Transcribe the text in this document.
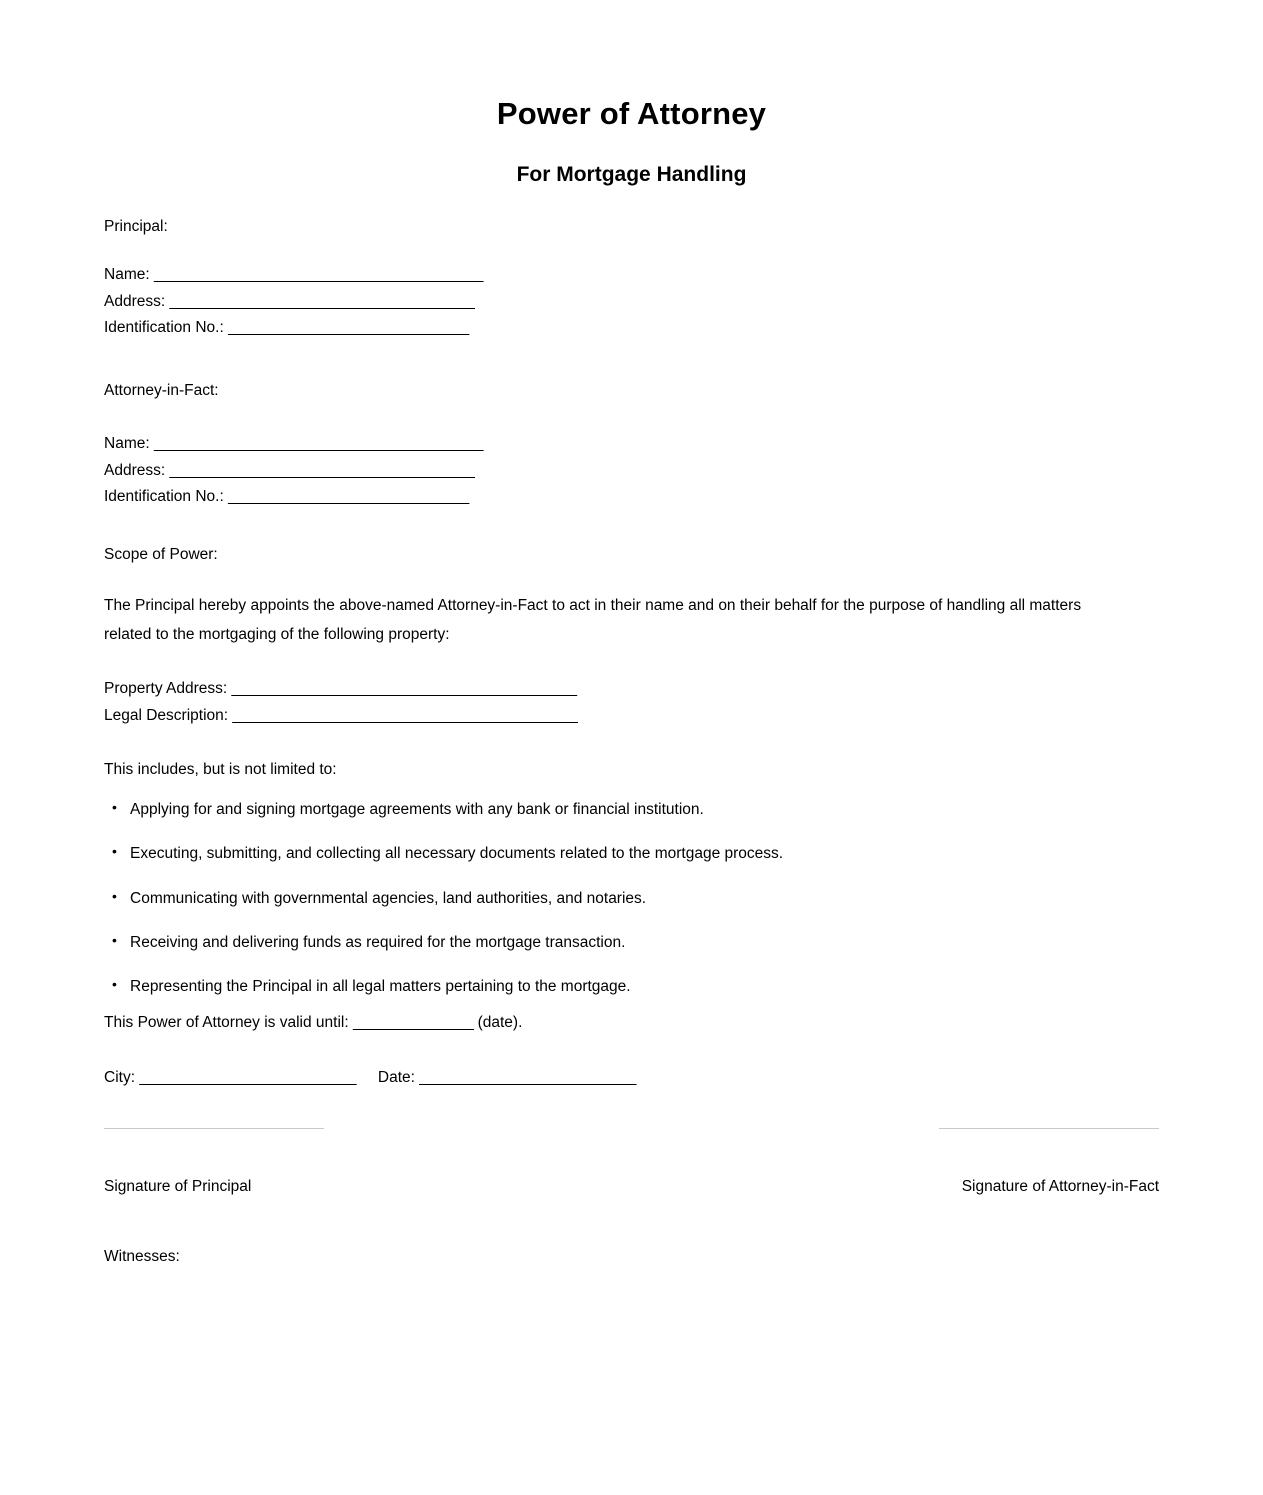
Power of Attorney
For Mortgage Handling
Principal:
Name: _________________________________________
Address: ______________________________________
Identification No.: ______________________________
Attorney-in-Fact:
Name: _________________________________________
Address: ______________________________________
Identification No.: ______________________________
Scope of Power:

The Principal hereby appoints the above-named Attorney-in-Fact to act in their name and on their behalf for the purpose of handling all matters related to the mortgaging of the following property:

Property Address: ___________________________________________
Legal Description: ___________________________________________
This includes, but is not limited to:
• Applying for and signing mortgage agreements with any bank or financial institution.
• Executing, submitting, and collecting all necessary documents related to the mortgage process.
• Communicating with governmental agencies, land authorities, and notaries.
• Receiving and delivering funds as required for the mortgage transaction.
• Representing the Principal in all legal matters pertaining to the mortgage.
This Power of Attorney is valid until: _______________ (date).
City: ___________________________ Date: ___________________________
Signature of Principal	Signature of Attorney-in-Fact
Witnesses:
